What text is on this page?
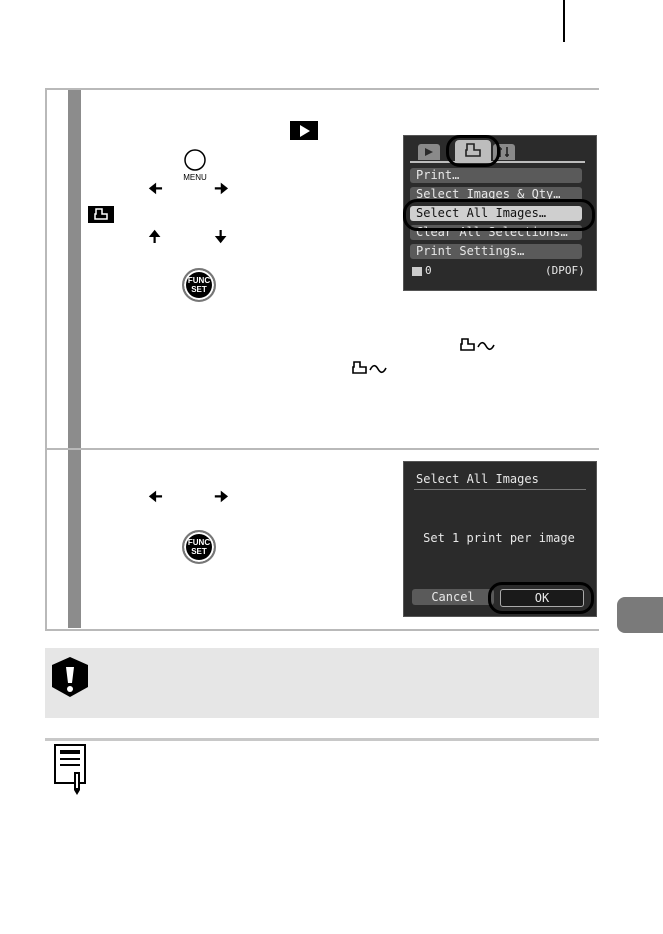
MENU
🠈	🠊
🠉	🠋
FUNC
SET
Print…
Select Images & Qty…
Select All Images…
Clear All Selections…
Print Settings…
0	(DPOF)
🠈	🠊
FUNC
SET
Select All Images
Set 1 print per image
Cancel	OK
